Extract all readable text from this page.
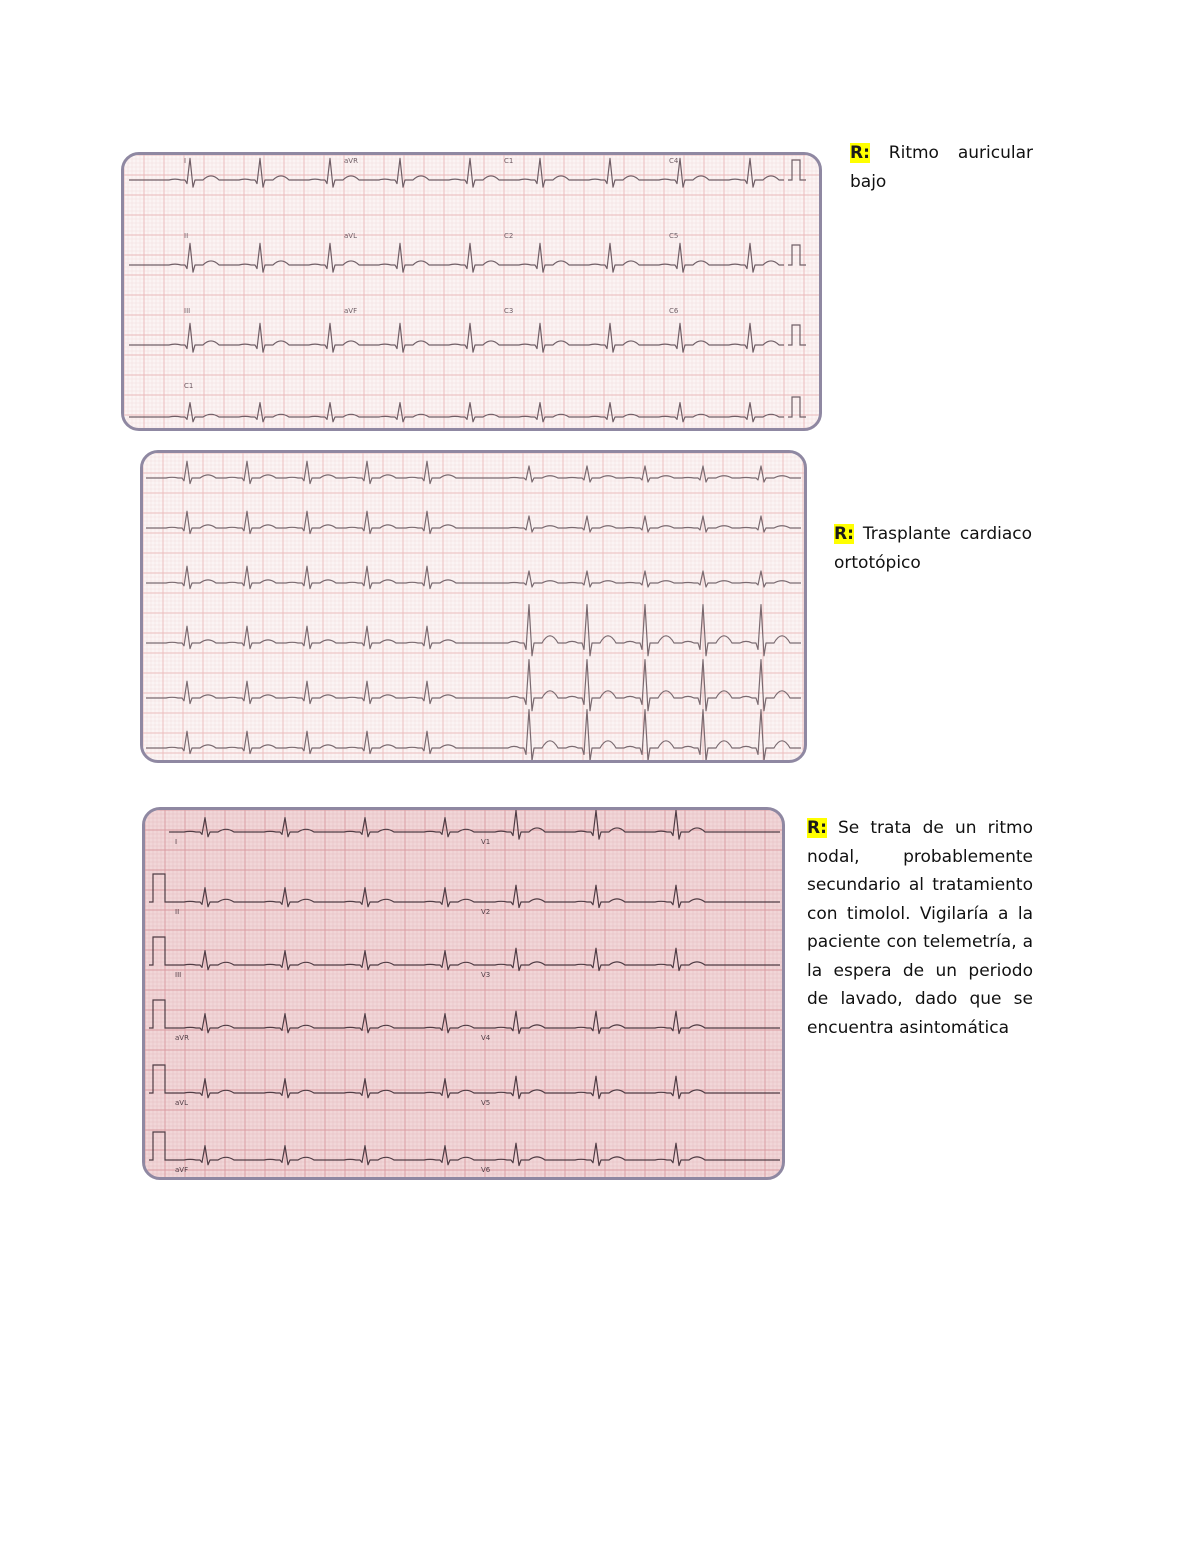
I	aVR	C1	C4
II	aVL	C2	C5
III	aVF	C3	C6
C1
R: Ritmo auricular bajo
R: Trasplante cardiaco ortotópico
I	V1
II	V2
III	V3
aVR	V4
aVL	V5
aVF	V6
R: Se trata de un ritmo nodal, probablemente secundario al tratamiento con timolol. Vigilaría a la paciente con telemetría, a la espera de un periodo de lavado, dado que se encuentra asintomática
